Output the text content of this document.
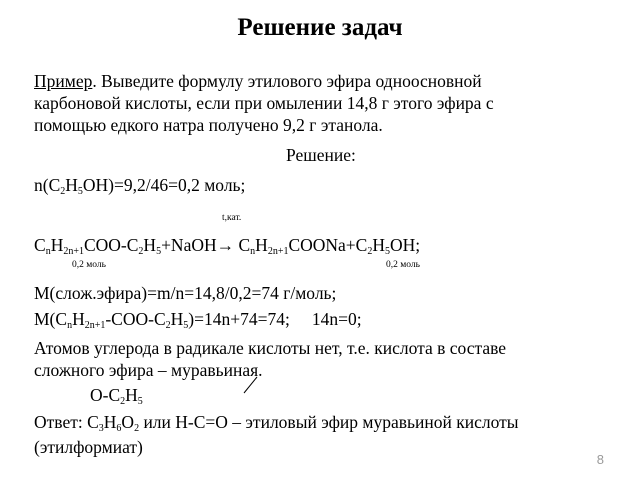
Решение задач
Пример. Выведите формулу этилового эфира одноосновной
карбоновой кислоты, если при омылении 14,8 г этого эфира с
помощью едкого натра получено 9,2 г этанола.
Решение:
$n(C_2H_5OH)=9,2/46=0,2$ моль;
t,кат.
$C_nH_{2n+1}COO-C_2H_5+NaOH\to$ $C_nH_{2n+1}COONa+C_2H_5OH$;
0,2 моль	0,2 моль
M(слож.эфира)=m/n=14,8/0,2=74 г/моль;
$M(C_nH_{2n+1}-COO-C_2H_5)=14n+74=74$; 14n=0;
Атомов углерода в радикале кислоты нет, т.е. кислота в составе
сложного эфира – муравьиная.
$O-C_2H_5$
Ответ: $C_3H_6O_2$ или H-C=O – этиловый эфир муравьиной кислоты
(этилформиат)
8
